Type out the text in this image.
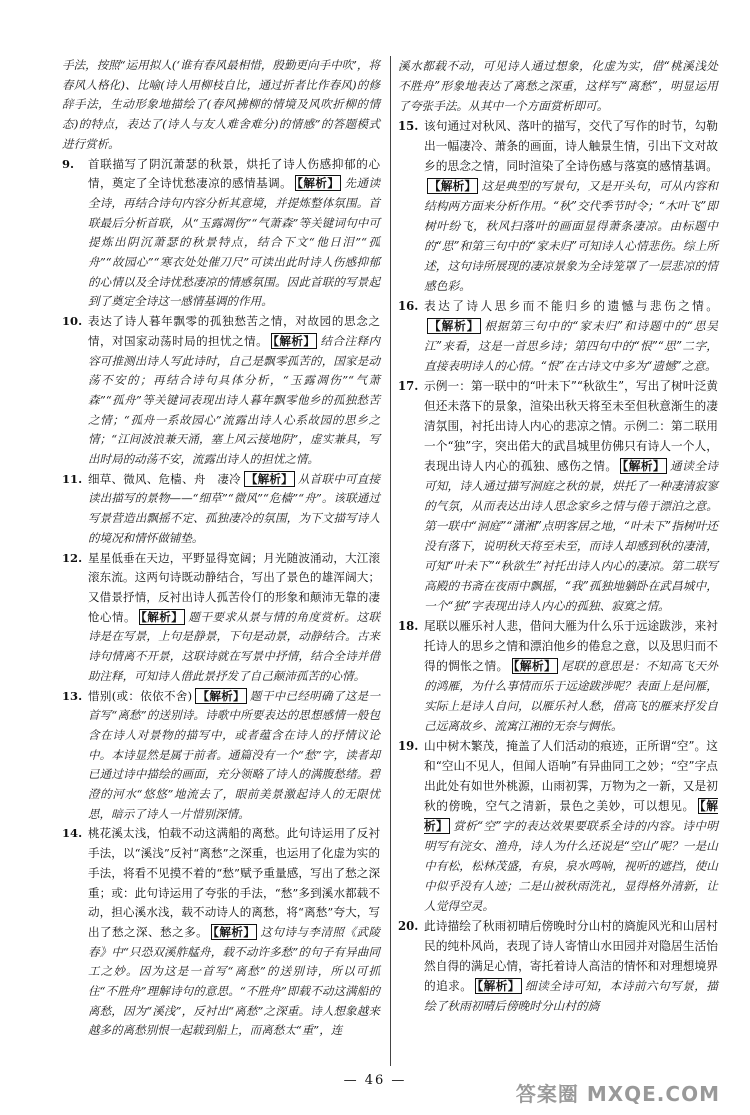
手法，按照“运用拟人(‘谁有春风最相惜，殷勤更向手中吹’，将春风人格化)、比喻(诗人用柳枝自比，通过折者比作春风)的修辞手法，生动形象地描绘了(春风拂柳的情境及风吹折柳的情态)的特点，表达了(诗人与友人难舍难分)的情感”的答题模式进行赏析。
9. 首联描写了阴沉萧瑟的秋景，烘托了诗人伤感抑郁的心情，奠定了全诗忧愁凄凉的感情基调。 【解析】 先通读全诗，再结合诗句内容分析其意境，并提炼整体氛围。首联最后分析首联，从“玉露凋伤”“气萧森”等关键词句中可提炼出阴沉萧瑟的秋景特点，结合下文“他日泪”“孤舟”“故园心”“寒衣处处催刀尺”可读出此时诗人伤感抑郁的心情以及全诗忧愁凄凉的情感氛围。因此首联的写景起到了奠定全诗这一感情基调的作用。
10. 表达了诗人暮年飘零的孤独愁苦之情，对故园的思念之情，对国家动荡时局的担忧之情。 【解析】 结合注释内容可推测出诗人写此诗时，自己是飘零孤苦的，国家是动荡不安的；再结合诗句具体分析，“玉露凋伤”“气萧森”“孤舟”等关键词表现出诗人暮年飘零他乡的孤独愁苦之情；“孤舟一系故园心”流露出诗人心系故园的思乡之情；“江间波浪兼天涌，塞上风云接地阴”，虚实兼具，写出时局的动荡不安，流露出诗人的担忧之情。
11. 细草、微风、危樯、舟　凄冷 【解析】 从首联中可直接读出描写的景物——“细草”“微风”“危樯”“舟”。该联通过写景营造出飘摇不定、孤独凄冷的氛围，为下文描写诗人的境况和情怀做铺垫。
12. 星星低垂在天边，平野显得宽阔；月光随波涌动，大江滚滚东流。这两句诗既动静结合，写出了景色的雄浑阔大；又借景抒情，反衬出诗人孤苦伶仃的形象和颠沛无靠的凄怆心情。 【解析】 题干要求从景与情的角度赏析。这联诗是在写景，上句是静景，下句是动景，动静结合。古来诗句情离不开景，这联诗就在写景中抒情，结合全诗并借助注释，可知诗人借此景抒发了自己颠沛孤苦的心情。
13. 惜别(或：依依不舍) 【解析】 题干中已经明确了这是一首写“离愁”的送别诗。诗歌中所要表达的思想感情一般包含在诗人对景物的描写中，或者蕴含在诗人的抒情议论中。本诗显然是属于前者。通篇没有一个“愁”字，读者却已通过诗中描绘的画面，充分领略了诗人的满腹愁绪。碧澄的河水“悠悠”地流去了，眼前美景激起诗人的无限忧思，暗示了诗人一片惜别深情。
14. 桃花溪太浅，怕载不动这满船的离愁。此句诗运用了反衬手法，以“溪浅”反衬“离愁”之深重，也运用了化虚为实的手法，将看不见摸不着的“愁”赋予重量感，写出了愁之深重；或：此句诗运用了夸张的手法，“愁”多到溪水都载不动，担心溪水浅，载不动诗人的离愁，将“离愁”夸大，写出了愁之深、愁之多。 【解析】 这句诗与李清照《武陵春》中“只恐双溪舴艋舟，载不动许多愁”的句子有异曲同工之妙。因为这是一首写“离愁”的送别诗，所以可抓住“不胜舟”理解诗句的意思。“不胜舟”即载不动这满船的离愁，因为“溪浅”，反衬出“离愁”之深重。诗人想象越来越多的离愁别恨一起载到船上，而离愁太“重”，连
溪水都载不动，可见诗人通过想象，化虚为实，借“桃溪浅处不胜舟”形象地表达了离愁之深重，这样写“离愁”，明显运用了夸张手法。从其中一个方面赏析即可。
15. 该句通过对秋风、落叶的描写，交代了写作的时节，勾勒出一幅凄冷、萧条的画面，诗人触景生情，引出下文对故乡的思念之情，同时渲染了全诗伤感与落寞的感情基调。【解析】 这是典型的写景句，又是开头句，可从内容和结构两方面来分析作用。“秋”交代季节时令；“木叶飞”即树叶纷飞，秋风扫落叶的画面显得萧条凄凉。由标题中的“思”和第三句中的“家未归”可知诗人心情悲伤。综上所述，这句诗所展现的凄凉景象为全诗笼罩了一层悲凉的情感色彩。
16. 表达了诗人思乡而不能归乡的遗憾与悲伤之情。【解析】 根据第三句中的“家未归”和诗题中的“思吴江”来看，这是一首思乡诗；第四句中的“恨”“思”二字，直接表明诗人的心情。“恨”在古诗文中多为“遗憾”之意。
17. 示例一：第一联中的“叶未下”“秋欲生”，写出了树叶泛黄但还未落下的景象，渲染出秋天将至未至但秋意渐生的凄清氛围，衬托出诗人内心的悲凉之情。示例二：第二联用一个“独”字，突出偌大的武昌城里仿佛只有诗人一个人，表现出诗人内心的孤独、感伤之情。 【解析】 通读全诗可知，诗人通过描写洞庭之秋的景，烘托了一种凄清寂寥的气氛，从而表达出诗人思念家乡之情与倦于漂泊之意。第一联中“洞庭”“潇湘”点明客居之地，“叶未下”指树叶还没有落下，说明秋天将至未至，而诗人却感到秋的凄清，可知“叶未下”“秋欲生”衬托出诗人内心的凄凉。第二联写高殿的书斋在夜雨中飘摇，“我”孤独地躺卧在武昌城中，一个“独”字表现出诗人内心的孤独、寂寞之情。
18. 尾联以雁乐衬人悲，借问大雁为什么乐于远途跋涉，来衬托诗人的思乡之情和漂泊他乡的倦怠之意，以及思归而不得的惆怅之情。 【解析】 尾联的意思是：不知高飞天外的鸿雁，为什么事情而乐于远途跋涉呢？表面上是问雁，实际上是诗人自问，以雁乐衬人愁，借高飞的雁来抒发自己远离故乡、流寓江湘的无奈与惆怅。
19. 山中树木繁茂，掩盖了人们活动的痕迹，正所谓“空”。这和“空山不见人，但闻人语响”有异曲同工之妙；“空”字点出此处有如世外桃源，山雨初霁，万物为之一新，又是初秋的傍晚，空气之清新，景色之美妙，可以想见。 【解析】 赏析“空”字的表达效果要联系全诗的内容。诗中明明写有浣女、渔舟，诗人为什么还说是“空山”呢？一是山中有松，松林茂盛，有泉，泉水鸣响，视听的遮挡，使山中似乎没有人迹；二是山被秋雨洗礼，显得格外清新，让人觉得空灵。
20. 此诗描绘了秋雨初晴后傍晚时分山村的旖旎风光和山居村民的纯朴风尚，表现了诗人寄情山水田园并对隐居生活怡然自得的满足心情，寄托着诗人高洁的情怀和对理想境界的追求。 【解析】 细读全诗可知，本诗前六句写景，描绘了秋雨初晴后傍晚时分山村的旖
— 46 —
答案圈 MXQE.COM
